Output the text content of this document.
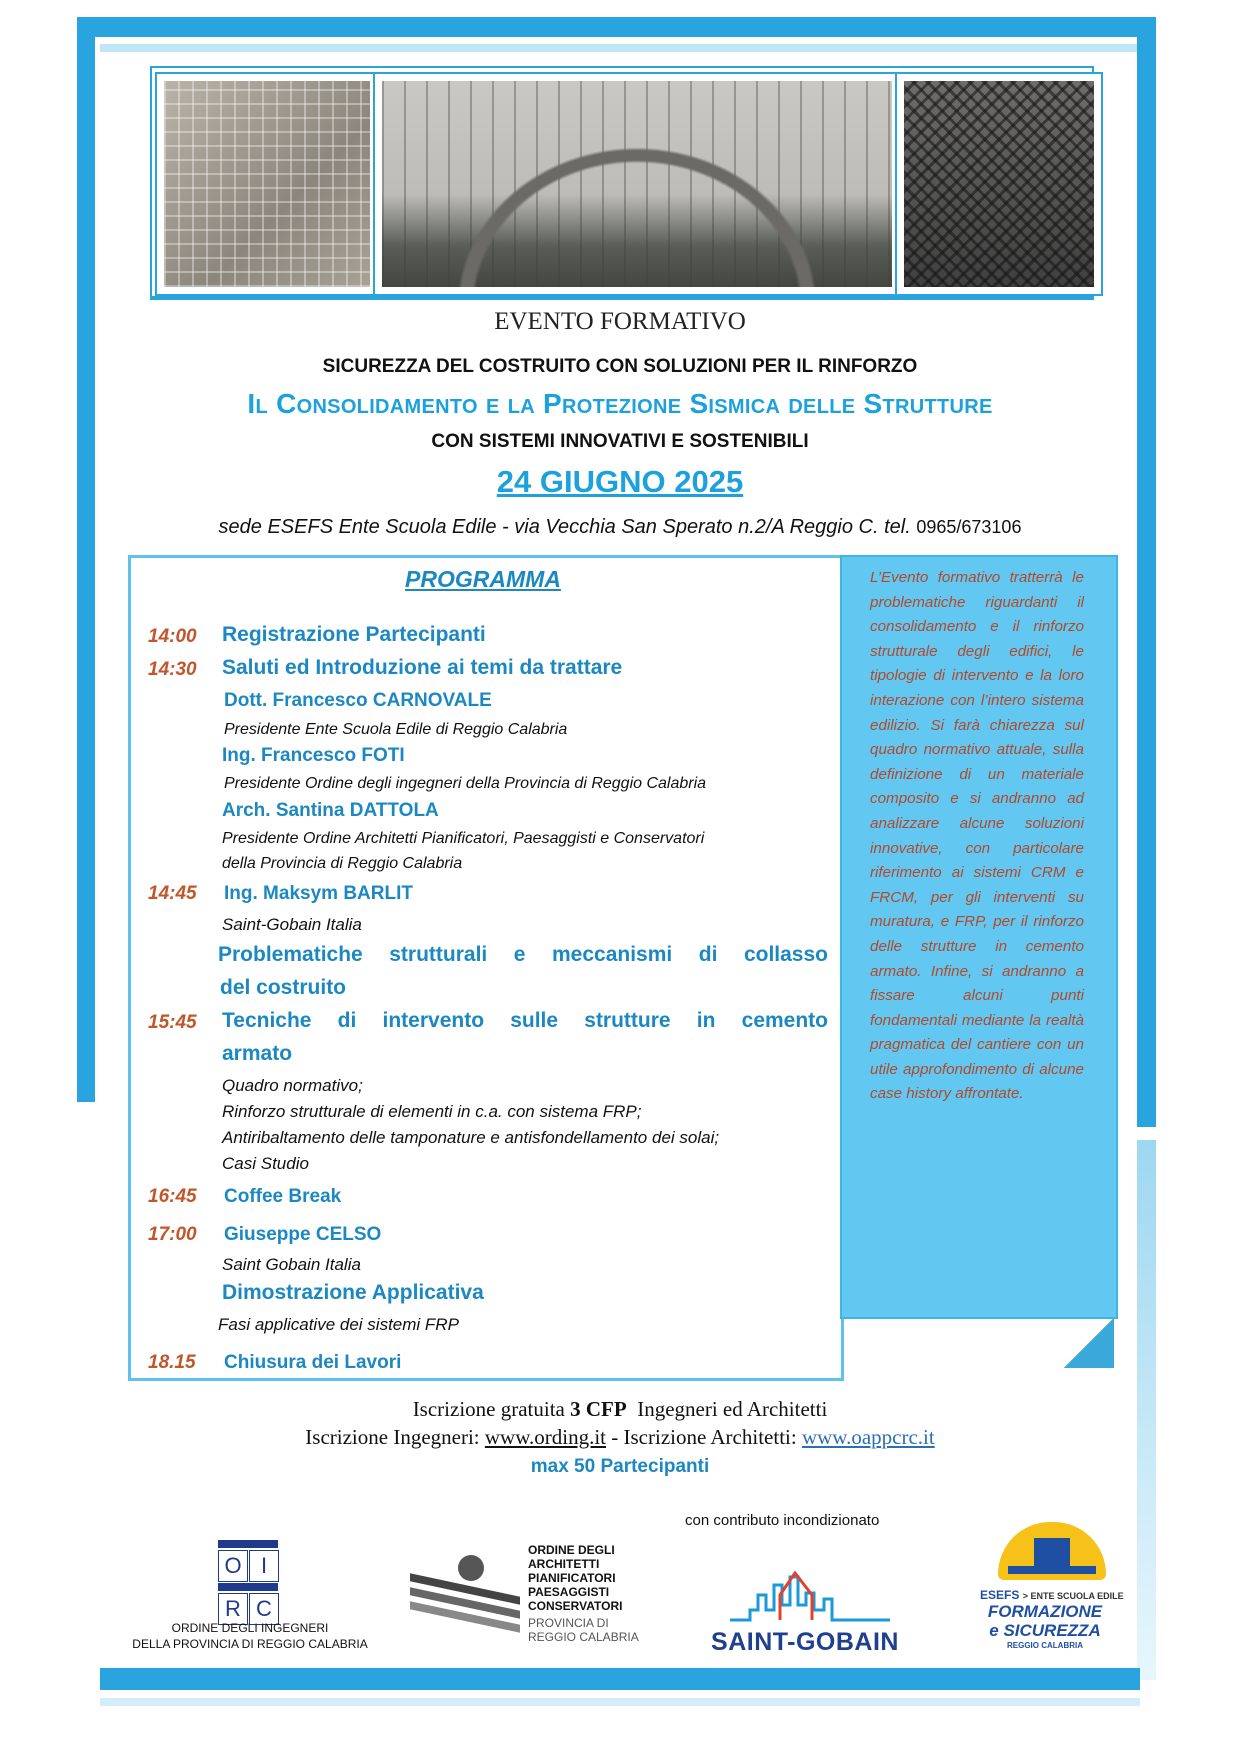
EVENTO FORMATIVO
SICUREZZA DEL COSTRUITO CON SOLUZIONI PER IL RINFORZO
Il Consolidamento e la Protezione Sismica delle Strutture
CON SISTEMI INNOVATIVI E SOSTENIBILI
24 GIUGNO 2025
sede ESEFS Ente Scuola Edile - via Vecchia San Sperato n.2/A Reggio C. tel. 0965/673106
L’Evento formativo tratterrà le problematiche riguardanti il consolidamento e il rinforzo strutturale degli edifici, le tipologie di intervento e la loro interazione con l’intero sistema edilizio. Si farà chiarezza sul quadro normativo attuale, sulla definizione di un materiale composito e si andranno ad analizzare alcune soluzioni innovative, con particolare riferimento ai sistemi CRM e FRCM, per gli interventi su muratura, e FRP, per il rinforzo delle strutture in cemento armato. Infine, si andranno a fissare alcuni punti fondamentali mediante la realtà pragmatica del cantiere con un utile approfondimento di alcune case history affrontate.
PROGRAMMA
14:00 Registrazione Partecipanti
14:30 Saluti ed Introduzione ai temi da trattare
Dott. Francesco CARNOVALE
Presidente Ente Scuola Edile di Reggio Calabria
Ing. Francesco FOTI
Presidente Ordine degli ingegneri della Provincia di Reggio Calabria
Arch. Santina DATTOLA
Presidente Ordine Architetti Pianificatori, Paesaggisti e Conservatori
della Provincia di Reggio Calabria
14:45 Ing. Maksym BARLIT
Saint-Gobain Italia
Problematiche strutturali e meccanismi di collasso
del costruito
15:45 Tecniche di intervento sulle strutture in cemento
armato
Quadro normativo;
Rinforzo strutturale di elementi in c.a. con sistema FRP;
Antiribaltamento delle tamponature e antisfondellamento dei solai;
Casi Studio
16:45 Coffee Break
17:00 Giuseppe CELSO
Saint Gobain Italia
Dimostrazione Applicativa
Fasi applicative dei sistemi FRP
18.15 Chiusura dei Lavori
Iscrizione gratuita 3 CFP Ingegneri ed Architetti
Iscrizione Ingegneri: www.ording.it - Iscrizione Architetti: www.oappcrc.it
max 50 Partecipanti
con contributo incondizionato
O I
R C
ORDINE DEGLI INGEGNERI
DELLA PROVINCIA DI REGGIO CALABRIA
ORDINE DEGLI
ARCHITETTI
PIANIFICATORI
PAESAGGISTI
CONSERVATORI
PROVINCIA DI
REGGIO CALABRIA	SAINT-GOBAIN
ESEFS > ENTE SCUOLA EDILE
FORMAZIONE
e SICUREZZA
REGGIO CALABRIA
